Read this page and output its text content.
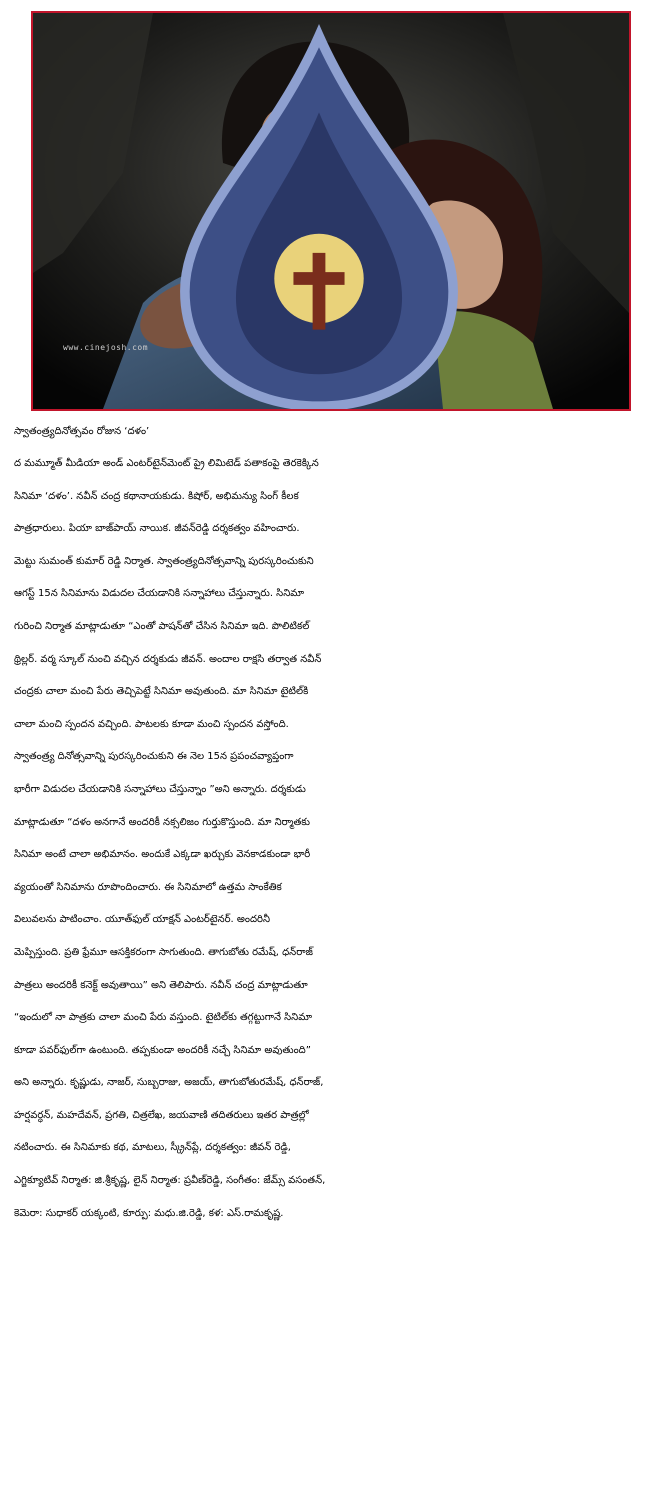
www.cinejosh.com

స్వాతంత్ర్యదినోత్సవం రోజున ‘దళం’

ద మమ్మూత్ మీడియా అండ్ ఎంటర్‌టైన్‌మెంట్ ప్రై లిమిటెడ్ పతాకంపై తెరకెక్కిన

సినిమా ‘దళం’. నవీన్ చంద్ర కథానాయకుడు. కిషోర్, అభిమన్యు సింగ్ కీలక

పాత్రధారులు. పియా బాజ్‌పాయ్ నాయిక. జీవన్‌రెడ్డి దర్శకత్వం వహించారు.

మెట్టు సుమంత్ కుమార్ రెడ్డి నిర్మాత. స్వాతంత్ర్యదినోత్సవాన్ని పురస్కరించుకుని

ఆగస్ట్ 15న సినిమాను విడుదల చేయడానికి సన్నాహాలు చేస్తున్నారు. సినిమా

గురించి నిర్మాత మాట్లాడుతూ “ఎంతో పాషన్‌తో చేసిన సినిమా ఇది. పొలిటికల్

థ్రిల్లర్. వర్మ స్కూల్ నుంచి వచ్చిన దర్శకుడు జీవన్. అందాల రాక్షసి తర్వాత నవీన్

చంద్రకు చాలా మంచి పేరు తెచ్చిపెట్టే సినిమా అవుతుంది. మా సినిమా టైటిల్‌కి

చాలా మంచి స్పందన వచ్చింది. పాటలకు కూడా మంచి స్పందన వస్తోంది.

స్వాతంత్ర్య దినోత్సవాన్ని పురస్కరించుకుని ఈ నెల 15న ప్రపంచవ్యాప్తంగా

భారీగా విడుదల చేయడానికి సన్నాహాలు చేస్తున్నాం ”అని అన్నారు. దర్శకుడు

మాట్లాడుతూ “దళం అనగానే అందరికీ నక్సలిజం గుర్తుకొస్తుంది. మా నిర్మాతకు

సినిమా అంటే చాలా అభిమానం. అందుకే ఎక్కడా ఖర్చుకు వెనకాడకుండా భారీ

వ్యయంతో సినిమాను రూపొందించారు. ఈ సినిమాలో ఉత్తమ సాంకేతిక

విలువలను పాటించాం. యూత్‌ఫుల్ యాక్షన్ ఎంటర్‌టైనర్. అందరినీ

మెప్పిస్తుంది. ప్రతి ఫ్రేమూ ఆసక్తికరంగా సాగుతుంది. తాగుబోతు రమేష్, ధన్‌రాజ్

పాత్రలు అందరికీ కనెక్ట్ అవుతాయి” అని తెలిపారు. నవీన్ చంద్ర మాట్లాడుతూ

“ఇందులో నా పాత్రకు చాలా మంచి పేరు వస్తుంది. టైటిల్‌కు తగ్గట్టుగానే సినిమా

కూడా పవర్‌ఫుల్‌గా ఉంటుంది. తప్పకుండా అందరికీ నచ్చే సినిమా అవుతుంది”

అని అన్నారు. కృష్ణుడు, నాజర్, సుబ్బరాజు, అజయ్, తాగుబోతురమేష్, ధన్‌రాజ్,

హర్షవర్ధన్, మహదేవన్, ప్రగతి, చిత్రలేఖ, జయవాణి తదితరులు ఇతర పాత్రల్లో

నటించారు. ఈ సినిమాకు కథ, మాటలు, స్క్రీన్‌ప్లే, దర్శకత్వం: జీవన్ రెడ్డి,

ఎగ్జిక్యూటివ్ నిర్మాత: జి.శ్రీకృష్ణ, లైన్ నిర్మాత: ప్రవీణ్‌రెడ్డి, సంగీతం: జేమ్స్ వసంతన్,

కెమెరా: సుధాకర్ యక్కంటి, కూర్పు: మధు.జి.రెడ్డి, కళ: ఎస్.రామకృష్ణ.
